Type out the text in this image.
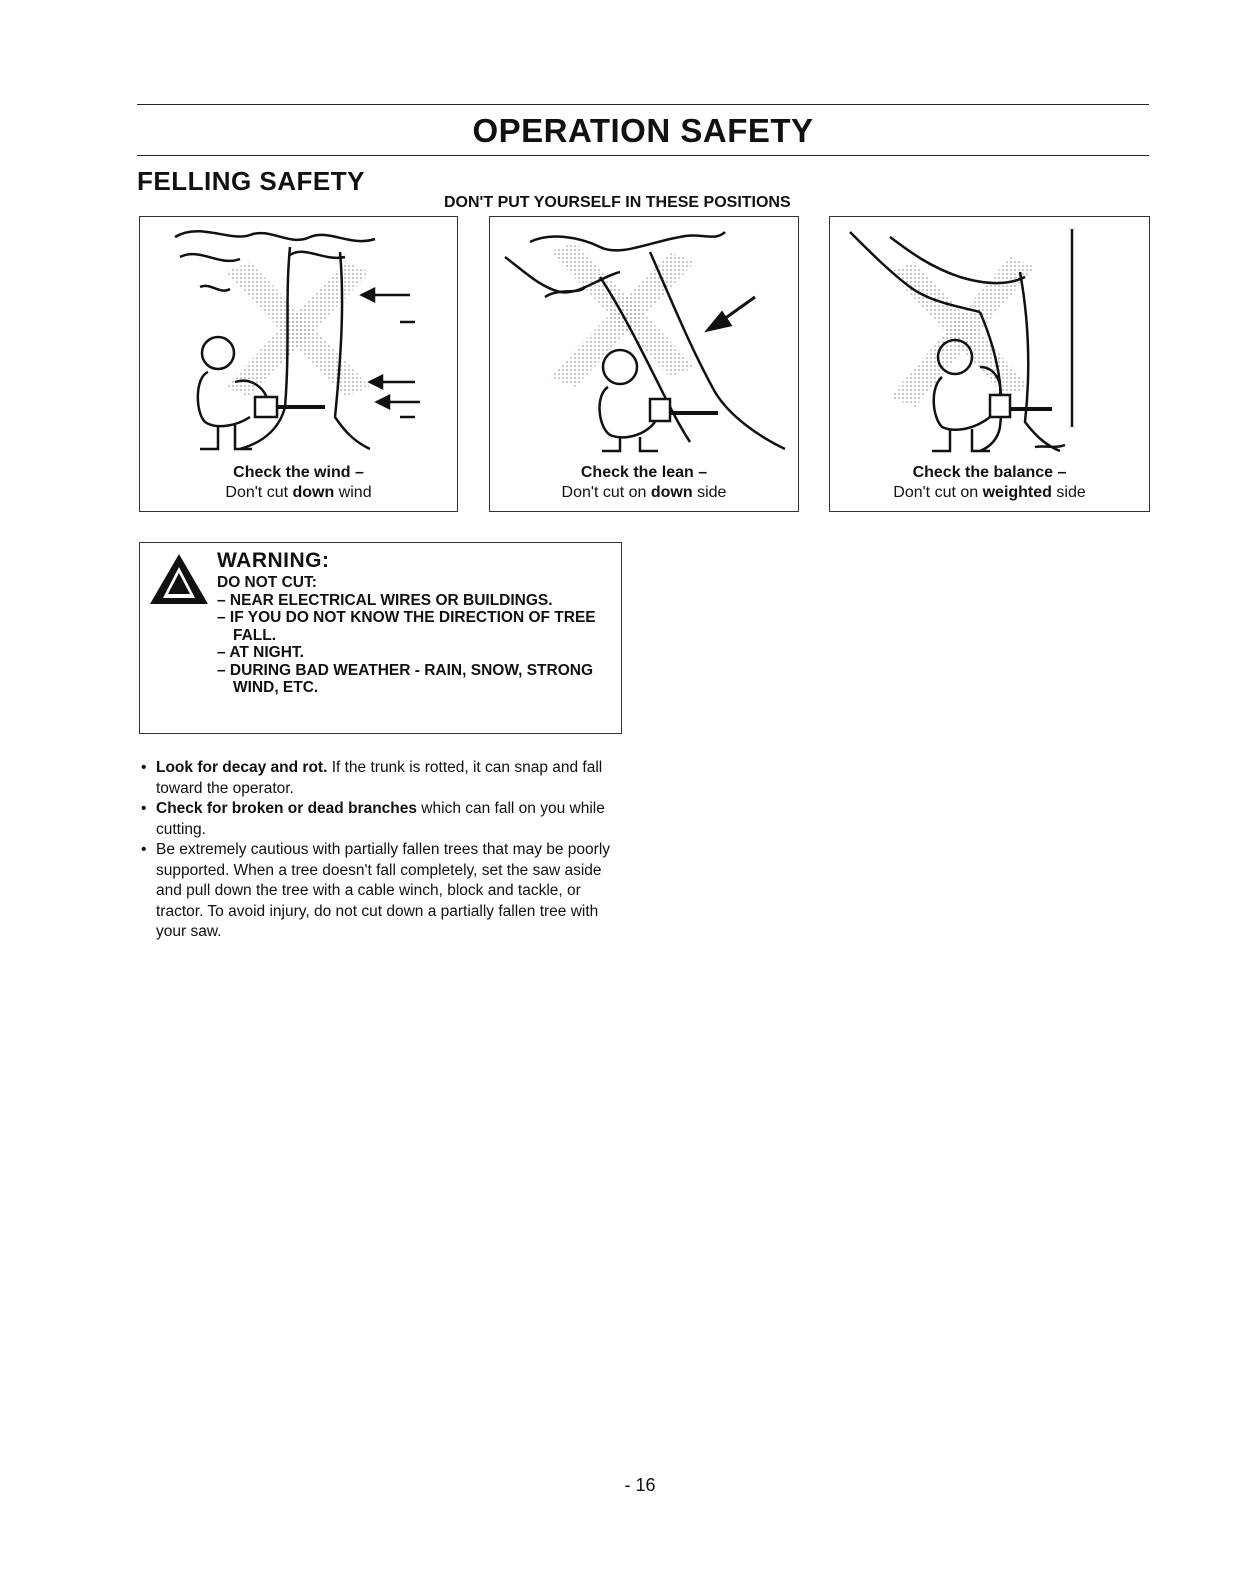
OPERATION SAFETY
FELLING SAFETY
DON'T PUT YOURSELF IN THESE POSITIONS
Check the wind –
Don't cut down wind
Check the lean –
Don't cut on down side
Check the balance –
Don't cut on weighted side
WARNING:
DO NOT CUT:
– NEAR ELECTRICAL WIRES OR BUILDINGS.
– IF YOU DO NOT KNOW THE DIRECTION OF TREE FALL.
– AT NIGHT.
– DURING BAD WEATHER - RAIN, SNOW, STRONG WIND, ETC.
• Look for decay and rot. If the trunk is rotted, it can snap and fall toward the operator.
• Check for broken or dead branches which can fall on you while cutting.
• Be extremely cautious with partially fallen trees that may be poorly supported. When a tree doesn't fall completely, set the saw aside and pull down the tree with a cable winch, block and tackle, or tractor. To avoid injury, do not cut down a partially fallen tree with your saw.
- 16
